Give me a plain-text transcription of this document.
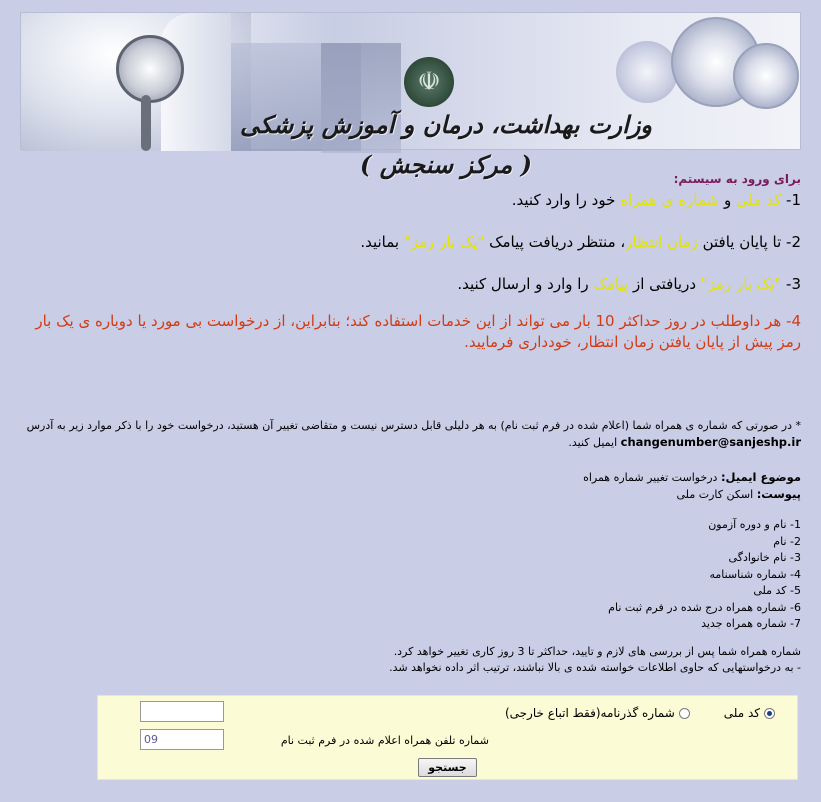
☫
وزارت بهداشت، درمان و آموزش پزشکی ( مرکز سنجش )	برای ورود به سیستم:
1- کد ملی و شماره ی همراه خود را وارد کنید.
2- تا پایان یافتن زمان انتظار، منتظر دریافت پیامک "یک بار رمز" بمانید.
3- "یک بار رمز" دریافتی از پیامک را وارد و ارسال کنید.
4- هر داوطلب در روز حداکثر 10 بار می تواند از این خدمات استفاده کند؛ بنابراین، از درخواست بی مورد یا دوباره ی یک بار رمز پیش از پایان یافتن زمان انتظار، خودداری فرمایید.
* در صورتی که شماره ی همراه شما (اعلام شده در فرم ثبت نام) به هر دلیلی قابل دسترس نیست و متقاضی تغییر آن هستید، درخواست خود را با ذکر موارد زیر به آدرس changenumber@sanjeshp.ir ایمیل کنید.
موضوع ایمیل: درخواست تغییر شماره همراه
پیوست: اسکن کارت ملی
1- نام و دوره آزمون
2- نام
3- نام خانوادگی
4- شماره شناسنامه
5- کد ملی
6- شماره همراه درج شده در فرم ثبت نام
7- شماره همراه جدید
شماره همراه شما پس از بررسی های لازم و تایید، حداکثر تا 3 روز کاری تغییر خواهد کرد.
- به درخواستهایی که حاوی اطلاعات خواسته شده ی بالا نباشند، ترتیب اثر داده نخواهد شد.
کد ملی
شماره گذرنامه(فقط اتباع خارجی)
شماره تلفن همراه اعلام شده در فرم ثبت نام
09
جستجو
